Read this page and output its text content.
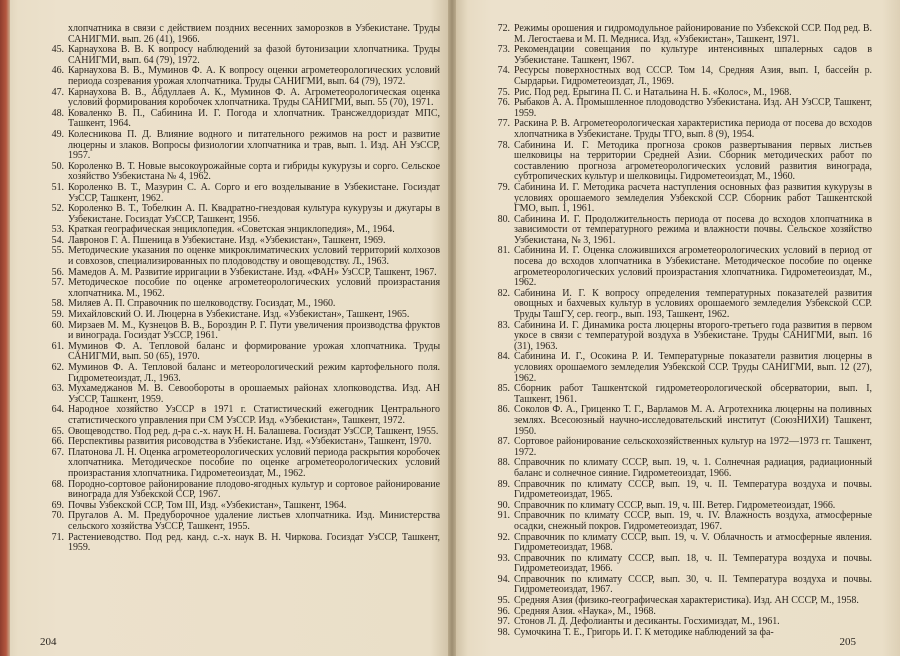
хлопчатника в связи с действием поздних весенних заморозков в Узбекистане. Труды САНИГМИ. вып. 26 (41), 1966.
45. Карнаухова В. В. К вопросу наблюдений за фазой бутонизации хлопчатника. Труды САНИГМИ, вып. 64 (79), 1972.
46. Карнаухова В. В., Муминов Ф. А. К вопросу оценки агрометеорологических условий периода созревания урожая хлопчатника. Труды САНИГМИ, вып. 64 (79), 1972.
47. Карнаухова В. В., Абдуллаев А. К., Муминов Ф. А. Агрометеорологическая оценка условий формирования коробочек хлопчатника. Труды САНИГМИ, вып. 55 (70), 1971.
48. Коваленко В. П., Сабинина И. Г. Погода и хлопчатник. Трансжелдориздат МПС, Ташкент, 1964.
49. Колесникова П. Д. Влияние водного и питательного режимов на рост и развитие люцерны и злаков. Вопросы физиологии хлопчатника и трав, вып. 1. Изд. АН УзССР, 1957.
50. Короленко В. Т. Новые высокоурожайные сорта и гибриды кукурузы и сорго. Сельское хозяйство Узбекистана № 4, 1962.
51. Короленко В. Т., Мазурин С. А. Сорго и его возделывание в Узбекистане. Госиздат УзССР, Ташкент, 1962.
52. Короленко В. Т., Тобелкин А. П. Квадратно-гнездовая культура кукурузы и джугары в Узбекистане. Госиздат УзССР, Ташкент, 1956.
53. Краткая географическая энциклопедия. «Советская энциклопедия», М., 1964.
54. Лавронов Г. А. Пшеница в Узбекистане. Изд. «Узбекистан», Ташкент, 1969.
55. Методические указания по оценке микроклиматических условий территорий колхозов и совхозов, специализированных по плодоводству и овощеводству. Л., 1963.
56. Мамедов А. М. Развитие ирригации в Узбекистане. Изд. «ФАН» УзССР, Ташкент, 1967.
57. Методическое пособие по оценке агрометеорологических условий произрастания хлопчатника. М., 1962.
58. Миляев А. П. Справочник по шелководству. Госиздат, М., 1960.
59. Михайловский О. И. Люцерна в Узбекистане. Изд. «Узбекистан», Ташкент, 1965.
60. Мирзаев М. М., Кузнецов В. В., Бороздин Р. Г. Пути увеличения производства фруктов и винограда. Госиздат УзССР, 1961.
61. Муминов Ф. А. Тепловой баланс и формирование урожая хлопчатника. Труды САНИГМИ, вып. 50 (65), 1970.
62. Муминов Ф. А. Тепловой баланс и метеорологический режим картофельного поля. Гидрометеоиздат, Л., 1963.
63. Мухамеджанов М. В. Севообороты в орошаемых районах хлопководства. Изд. АН УзССР, Ташкент, 1959.
64. Народное хозяйство УзССР в 1971 г. Статистический ежегодник Центрального статистического управления при СМ УзССР. Изд. «Узбекистан», Ташкент, 1972.
65. Овощеводство. Под ред. д-ра с.-х. наук Н. Н. Балашева. Госиздат УзССР, Ташкент, 1955.
66. Перспективы развития рисоводства в Узбекистане. Изд. «Узбекистан», Ташкент, 1970.
67. Платонова Л. Н. Оценка агрометеорологических условий периода раскрытия коробочек хлопчатника. Методическое пособие по оценке агрометеорологических условий произрастания хлопчатника. Гидрометеоиздат, М., 1962.
68. Породно-сортовое районирование плодово-ягодных культур и сортовое районирование винограда для Узбекской ССР, 1967.
69. Почвы Узбекской ССР, Том III, Изд. «Узбекистан», Ташкент, 1964.
70. Пругалов А. М. Предуборочное удаление листьев хлопчатника. Изд. Министерства сельского хозяйства УзССР, Ташкент, 1955.
71. Растениеводство. Под ред. канд. с.-х. наук В. Н. Чиркова. Госиздат УзССР, Ташкент, 1959.
204
72. Режимы орошения и гидромодульное районирование по Узбекской ССР. Под ред. В. М. Легостаева и М. П. Медниса. Изд. «Узбекистан», Ташкент, 1971.
73. Рекомендации совещания по культуре интенсивных шпалерных садов в Узбекистане. Ташкент, 1967.
74. Ресурсы поверхностных вод СССР. Том 14, Средняя Азия, вып. I, бассейн р. Сырдарьи. Гидрометеоиздат, Л., 1969.
75. Рис. Под ред. Ерыгина П. С. и Натальина Н. Б. «Колос», М., 1968.
76. Рыбаков А. А. Промышленное плодоводство Узбекистана. Изд. АН УзССР, Ташкент, 1959.
77. Раскина Р. В. Агрометеорологическая характеристика периода от посева до всходов хлопчатника в Узбекистане. Труды ТГО, вып. 8 (9), 1954.
78. Сабинина И. Г. Методика прогноза сроков развертывания первых листьев шелковицы на территории Средней Азии. Сборник методических работ по составлению прогноза агрометеорологических условий развития винограда, субтропических культур и шелковицы. Гидрометеоиздат, М., 1960.
79. Сабинина И. Г. Методика расчета наступления основных фаз развития кукурузы в условиях орошаемого земледелия Узбекской ССР. Сборник работ Ташкентской ГМО, вып. 1, 1961.
80. Сабинина И. Г. Продолжительность периода от посева до всходов хлопчатника в зависимости от температурного режима и влажности почвы. Сельское хозяйство Узбекистана, № 3, 1961.
81. Сабинина И. Г. Оценка сложившихся агрометеорологических условий в период от посева до всходов хлопчатника в Узбекистане. Методическое пособие по оценке агрометеорологических условий произрастания хлопчатника. Гидрометеоиздат, М., 1962.
82. Сабинина И. Г. К вопросу определения температурных показателей развития овощных и бахчевых культур в условиях орошаемого земледелия Узбекской ССР. Труды ТашГУ, сер. геогр., вып. 193, Ташкент, 1962.
83. Сабинина И. Г. Динамика роста люцерны второго-третьего года развития в первом укосе в связи с температурой воздуха в Узбекистане. Труды САНИГМИ, вып. 16 (31), 1963.
84. Сабинина И. Г., Осокина Р. И. Температурные показатели развития люцерны в условиях орошаемого земледелия Узбекской ССР. Труды САНИГМИ, вып. 12 (27), 1962.
85. Сборник работ Ташкентской гидрометеорологической обсерватории, вып. I, Ташкент, 1961.
86. Соколов Ф. А., Гриценко Т. Г., Варламов М. А. Агротехника люцерны на поливных землях. Всесоюзный научно-исследовательский институт (СоюзНИХИ) Ташкент, 1950.
87. Сортовое районирование сельскохозяйственных культур на 1972—1973 гг. Ташкент, 1972.
88. Справочник по климату СССР, вып. 19, ч. 1. Солнечная радиация, радиационный баланс и солнечное сияние. Гидрометеоиздат, 1966.
89. Справочник по климату СССР, вып. 19, ч. II. Температура воздуха и почвы. Гидрометеоиздат, 1965.
90. Справочник по климату СССР, вып. 19, ч. III. Ветер. Гидрометеоиздат, 1966.
91. Справочник по климату СССР, вып. 19, ч. IV. Влажность воздуха, атмосферные осадки, снежный покров. Гидрометеоиздат, 1967.
92. Справочник по климату СССР, вып. 19, ч. V. Облачность и атмосферные явления. Гидрометеоиздат, 1968.
93. Справочник по климату СССР, вып. 18, ч. II. Температура воздуха и почвы. Гидрометеоиздат, 1966.
94. Справочник по климату СССР, вып. 30, ч. II. Температура воздуха и почвы. Гидрометеоиздат, 1967.
95. Средняя Азия (физико-географическая характеристика). Изд. АН СССР, М., 1958.
96. Средняя Азия. «Наука», М., 1968.
97. Стонов Л. Д. Дефолианты и десиканты. Госхимиздат, М., 1961.
98. Сумочкина Т. Е., Григорь И. Г. К методике наблюдений за фа-
205
